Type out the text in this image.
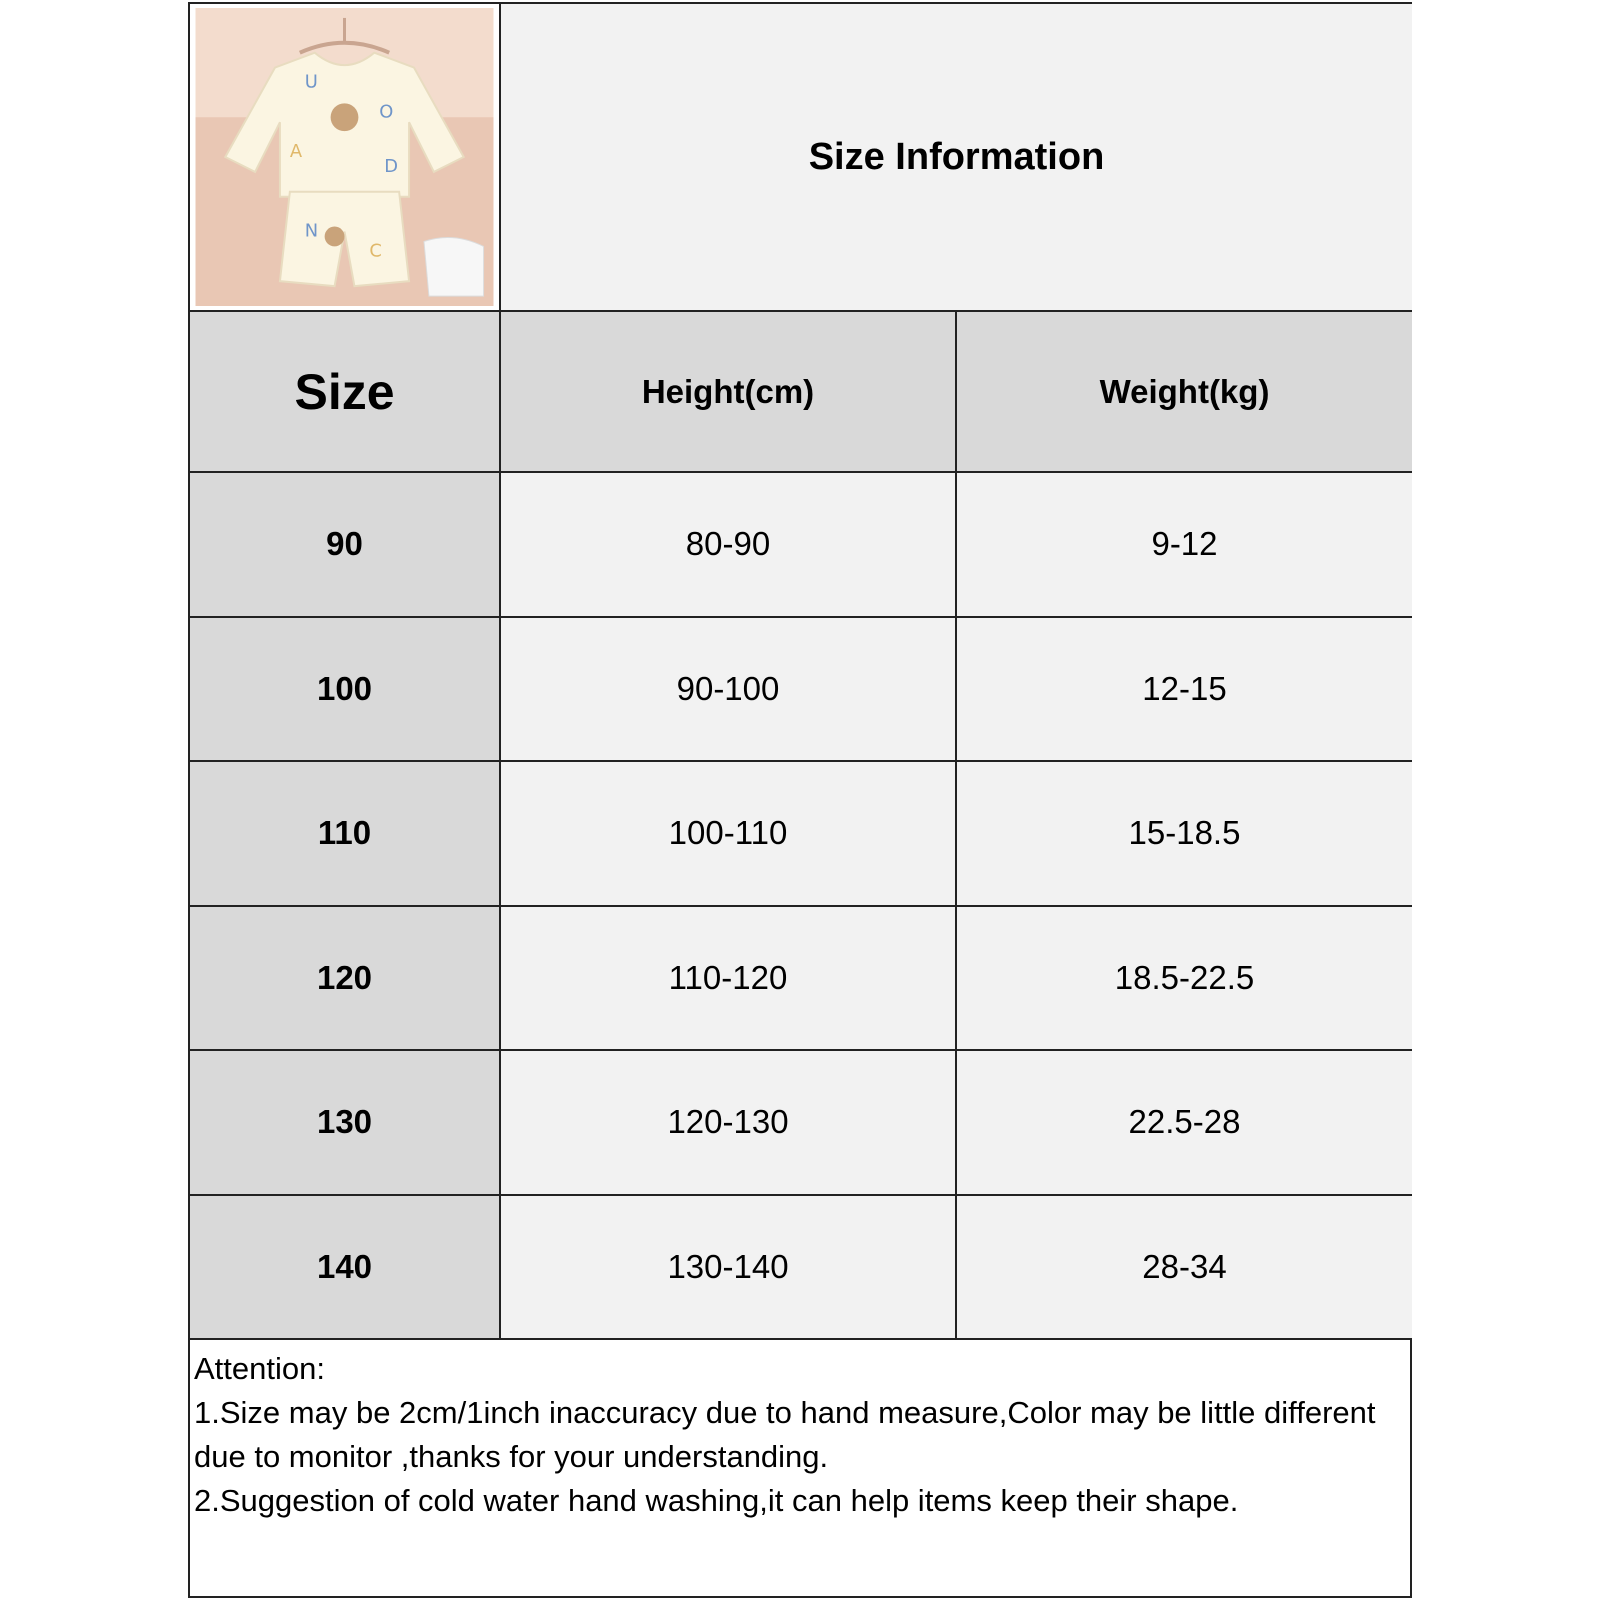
U
O
A
D
N
C
Size Information
Size	Height(cm)	Weight(kg)
90	80-90	9-12
100	90-100	12-15
110	100-110	15-18.5
120	110-120	18.5-22.5
130	120-130	22.5-28
140	130-140	28-34

Attention:

1.Size may be 2cm/1inch inaccuracy due to hand measure,Color may be little different due to monitor ,thanks for your understanding.

2.Suggestion of cold water hand washing,it can help items keep their shape.
